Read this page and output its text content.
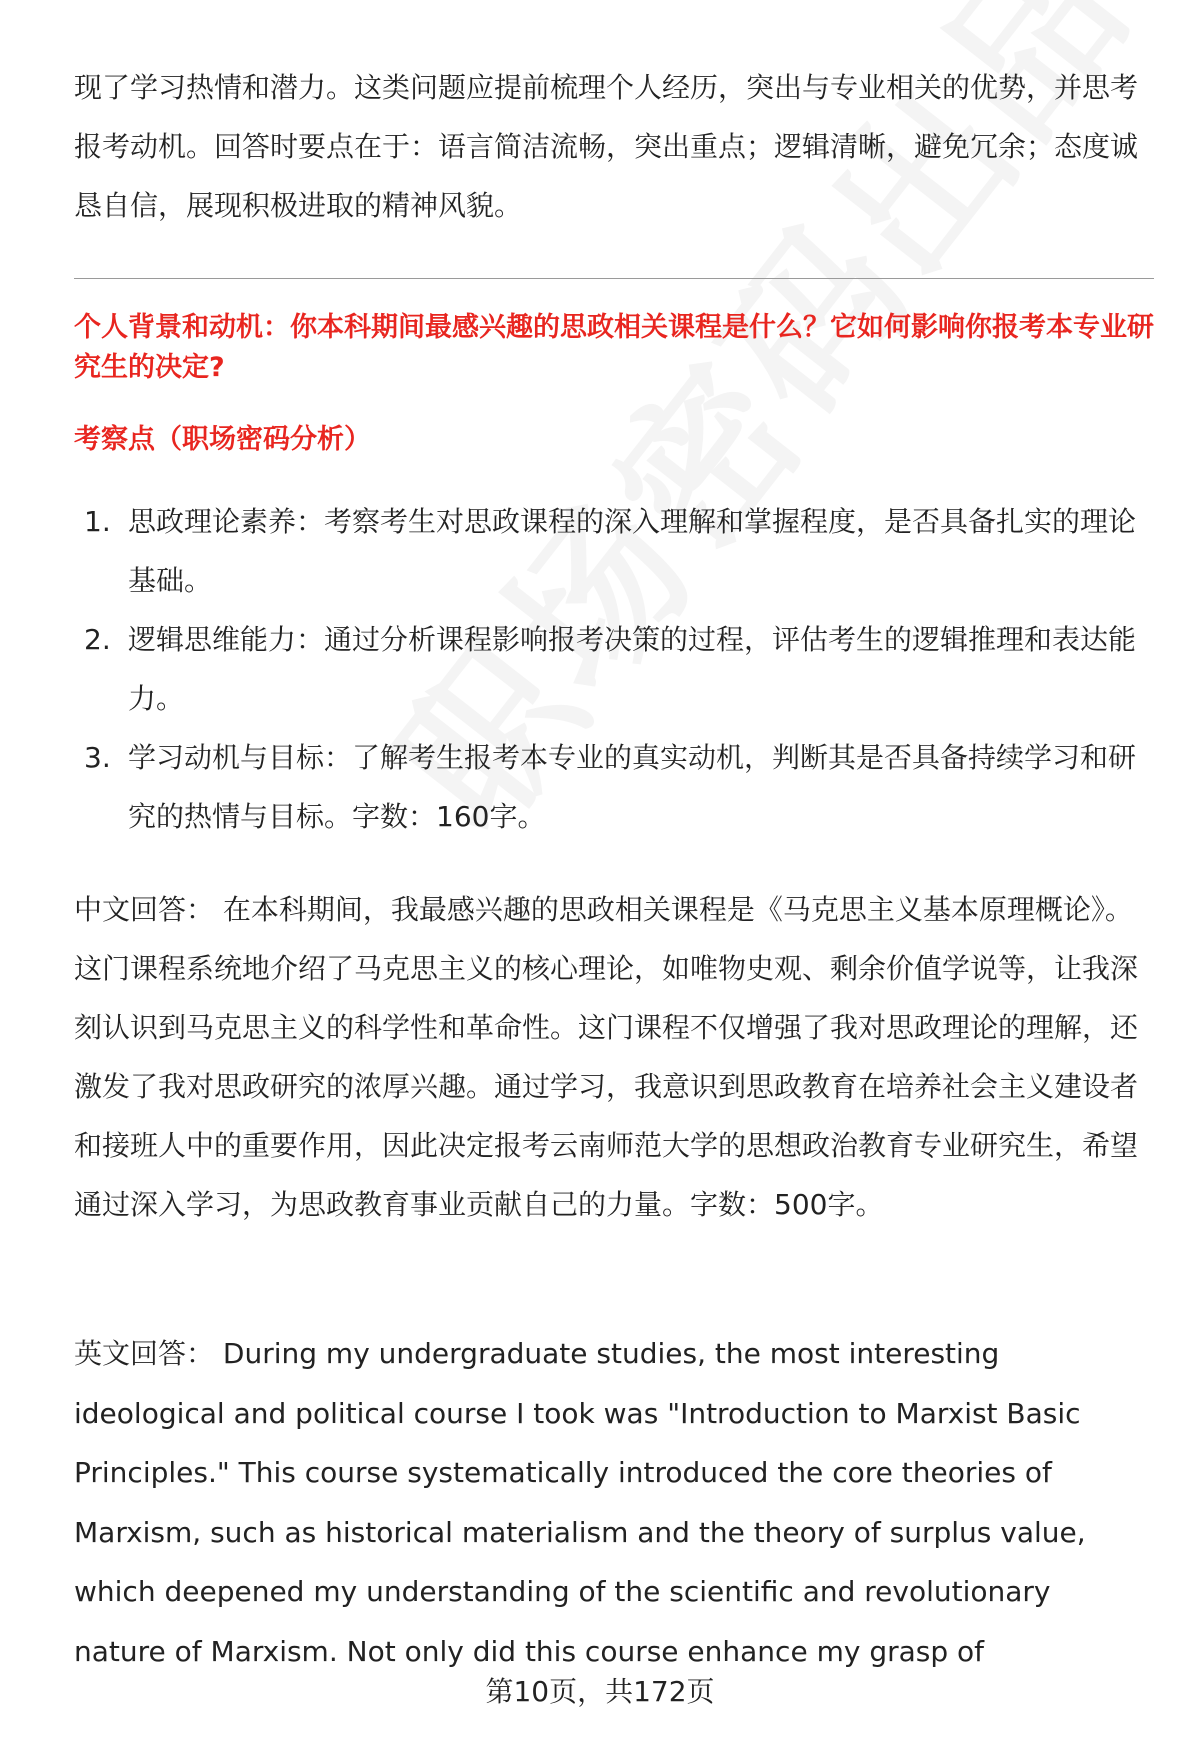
现了学习热情和潜力。这类问题应提前梳理个人经历，突出与专业相关的优势，并思考报考动机。回答时要点在于：语言简洁流畅，突出重点；逻辑清晰，避免冗余；态度诚恳自信，展现积极进取的精神风貌。

个人背景和动机：你本科期间最感兴趣的思政相关课程是什么？它如何影响你报考本专业研究生的决定?

考察点（职场密码分析）

1. 思政理论素养：考察考生对思政课程的深入理解和掌握程度，是否具备扎实的理论基础。
2. 逻辑思维能力：通过分析课程影响报考决策的过程，评估考生的逻辑推理和表达能力。
3. 学习动机与目标：了解考生报考本专业的真实动机，判断其是否具备持续学习和研究的热情与目标。字数：160字。

中文回答： 在本科期间，我最感兴趣的思政相关课程是《马克思主义基本原理概论》。这门课程系统地介绍了马克思主义的核心理论，如唯物史观、剩余价值学说等，让我深刻认识到马克思主义的科学性和革命性。这门课程不仅增强了我对思政理论的理解，还激发了我对思政研究的浓厚兴趣。通过学习，我意识到思政教育在培养社会主义建设者和接班人中的重要作用，因此决定报考云南师范大学的思想政治教育专业研究生，希望通过深入学习，为思政教育事业贡献自己的力量。字数：500字。

英文回答： During my undergraduate studies, the most interesting

ideological and political course I took was "Introduction to Marxist Basic

Principles." This course systematically introduced the core theories of

Marxism, such as historical materialism and the theory of surplus value,

which deepened my understanding of the scientific and revolutionary

nature of Marxism. Not only did this course enhance my grasp of

第10页，共172页
